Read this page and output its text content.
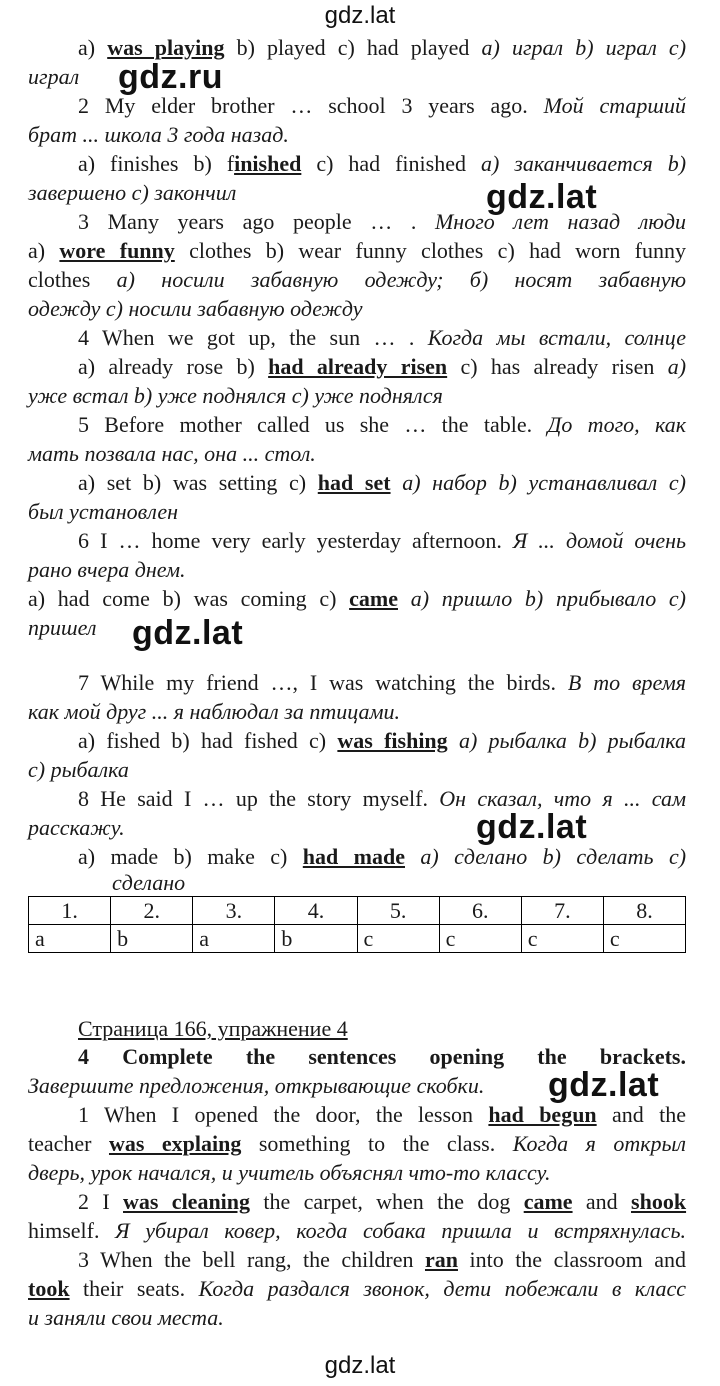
gdz.lat
gdz.ru
gdz.lat
gdz.lat
gdz.lat
gdz.lat
a) was playing b) played c) had played а) играл b) играл с)
играл
2 My elder brother … school 3 years ago. Мой старший
брат ... школа 3 года назад.
a) finishes b) finished c) had finished а) заканчивается b)
завершено с) закончил
3 Many years ago people … . Много лет назад люди
a) wore funny clothes b) wear funny clothes c) had worn funny
clothes а) носили забавную одежду; б) носят забавную
одежду с) носили забавную одежду
4 When we got up, the sun … . Когда мы встали, солнце
a) already rose b) had already risen c) has already risen а)
уже встал b) уже поднялся с) уже поднялся
5 Before mother called us she … the table. До того, как
мать позвала нас, она ... стол.
a) set b) was setting c) had set а) набор b) устанавливал с)
был установлен
6 I … home very early yesterday afternoon. Я ... домой очень
рано вчера днем.
a) had come b) was coming c) came а) пришло b) прибывало с)
пришел
7 While my friend …, I was watching the birds. В то время
как мой друг ... я наблюдал за птицами.
a) fished b) had fished c) was fishing а) рыбалка b) рыбалка
с) рыбалка
8 He said I … up the story myself. Он сказал, что я ... сам
расскажу.
a) made b) make c) had made а) сделано b) сделать с)
сделано
1.	2.	3.	4.	5.	6.	7.	8.
a	b	a	b	c	c	c	c
Страница 166, упражнение 4
4 Complete the sentences opening the brackets.
Завершите предложения, открывающие скобки.
1 When I opened the door, the lesson had begun and the
teacher was explaing something to the class. Когда я открыл
дверь, урок начался, и учитель объяснял что-то классу.
2 I was cleaning the carpet, when the dog came and shook
himself. Я убирал ковер, когда собака пришла и встряхнулась.
3 When the bell rang, the children ran into the classroom and
took their seats. Когда раздался звонок, дети побежали в класс
и заняли свои места.
gdz.lat
